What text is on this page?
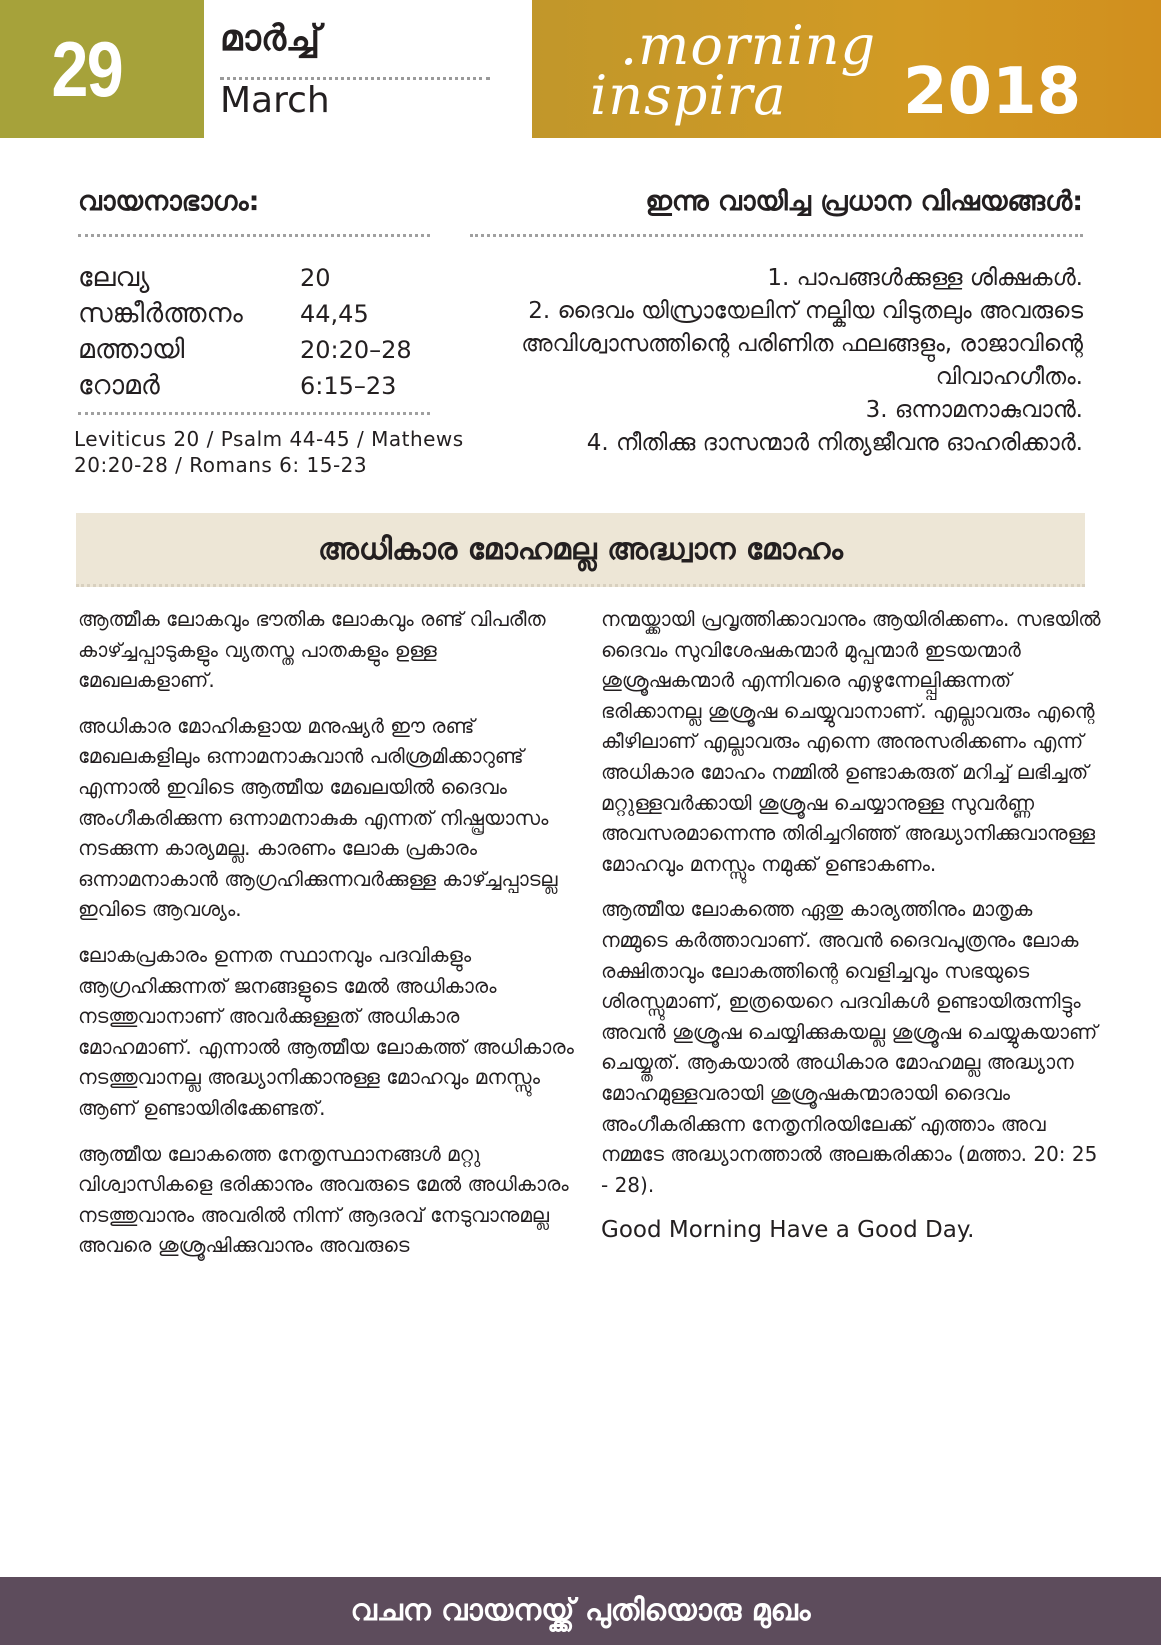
29	മാർച്ച്
March
.morning
inspira 2018
വായനാഭാഗം:	ഇന്നു വായിച്ച പ്രധാന വിഷയങ്ങൾ:
ലേവ്യ	20
സങ്കീർത്തനം	44,45
മത്തായി	20:20–28
റോമർ	6:15–23
Leviticus 20 / Psalm 44-45 / Mathews 20:20-28 / Romans 6: 15-23
1. പാപങ്ങൾക്കുള്ള ശിക്ഷകൾ.
2. ദൈവം യിസ്രായേലിന് നല്കിയ വിടുതലും അവരുടെ അവിശ്വാസത്തിന്റെ പരിണിത ഫലങ്ങളും, രാജാവിന്റെ വിവാഹഗീതം.
3. ഒന്നാമനാകുവാൻ.
4. നീതിക്കു ദാസന്മാർ നിത്യജീവനു ഓഹരിക്കാർ.
അധികാര മോഹമല്ല അദ്ധ്വാന മോഹം

ആത്മീക ലോകവും ഭൗതിക ലോകവും രണ്ട് വിപരീത കാഴ്ച്ചപ്പാടുകളും വ്യതസ്ത പാതകളും ഉള്ള മേഖലകളാണ്.

അധികാര മോഹികളായ മനുഷ്യർ ഈ രണ്ട് മേഖലകളിലും ഒന്നാമനാകുവാൻ പരിശ്രമിക്കാറുണ്ട് എന്നാൽ ഇവിടെ ആത്മീയ മേഖലയിൽ ദൈവം അംഗീകരിക്കുന്ന ഒന്നാമനാകുക എന്നത് നിഷ്പ്രയാസം നടക്കുന്ന കാര്യമല്ല. കാരണം ലോക പ്രകാരം ഒന്നാമനാകാൻ ആഗ്രഹിക്കുന്നവർക്കുള്ള കാഴ്ച്ചപ്പാടല്ല ഇവിടെ ആവശ്യം.

ലോകപ്രകാരം ഉന്നത സ്ഥാനവും പദവികളും ആഗ്രഹിക്കുന്നത് ജനങ്ങളുടെ മേൽ അധികാരം നടത്തുവാനാണ് അവർക്കുള്ളത് അധികാര മോഹമാണ്. എന്നാൽ ആത്മീയ ലോകത്ത് അധികാരം നടത്തുവാനല്ല അദ്ധ്യാനിക്കാനുള്ള മോഹവും മനസ്സും ആണ് ഉണ്ടായിരിക്കേണ്ടത്.

ആത്മീയ ലോകത്തെ നേതൃസ്ഥാനങ്ങൾ മറ്റു വിശ്വാസികളെ ഭരിക്കാനും അവരുടെ മേൽ അധികാരം നടത്തുവാനും അവരിൽ നിന്ന് ആദരവ് നേടുവാനുമല്ല അവരെ ശുശ്രൂഷിക്കുവാനും അവരുടെ

നന്മയ്ക്കായി പ്രവൃത്തിക്കാവാനും ആയിരിക്കണം. സഭയിൽ ദൈവം സുവിശേഷകന്മാർ മുപ്പന്മാർ ഇടയന്മാർ ശുശ്രൂഷകന്മാർ എന്നിവരെ എഴുന്നേല്പ്പിക്കുന്നത് ഭരിക്കാനല്ല ശുശ്രൂഷ ചെയ്യുവാനാണ്. എല്ലാവരും എന്റെ കീഴിലാണ് എല്ലാവരും എന്നെ അനുസരിക്കണം എന്ന് അധികാര മോഹം നമ്മിൽ ഉണ്ടാകരുത് മറിച്ച് ലഭിച്ചത് മറ്റുള്ളവർക്കായി ശുശ്രൂഷ ചെയ്യാനുള്ള സുവർണ്ണ അവസരമാന്നെന്നു തിരിച്ചറിഞ്ഞ് അദ്ധ്യാനിക്കുവാനുള്ള മോഹവും മനസ്സും നമുക്ക് ഉണ്ടാകണം.

ആത്മീയ ലോകത്തെ ഏതു കാര്യത്തിനും മാതൃക നമ്മുടെ കർത്താവാണ്. അവൻ ദൈവപുത്രനും ലോക രക്ഷിതാവും ലോകത്തിന്റെ വെളിച്ചവും സഭയുടെ ശിരസ്സുമാണ്, ഇത്രയെറെ പദവികൾ ഉണ്ടായിരുന്നിട്ടും അവൻ ശുശ്രൂഷ ചെയ്യിക്കുകയല്ല ശുശ്രൂഷ ചെയ്യുകയാണ് ചെയ്യ്തത്. ആകയാൽ അധികാര മോഹമല്ല അദ്ധ്യാന മോഹമുള്ളവരായി ശുശ്രൂഷകന്മാരായി ദൈവം അംഗീകരിക്കുന്ന നേതൃനിരയിലേക്ക് എത്താം അവ നമ്മടേ അദ്ധ്യാനത്താൽ അലങ്കരിക്കാം (മത്താ. 20: 25 - 28).

Good Morning Have a Good Day.

വചന വായനയ്ക്ക് പുതിയൊരു മുഖം
